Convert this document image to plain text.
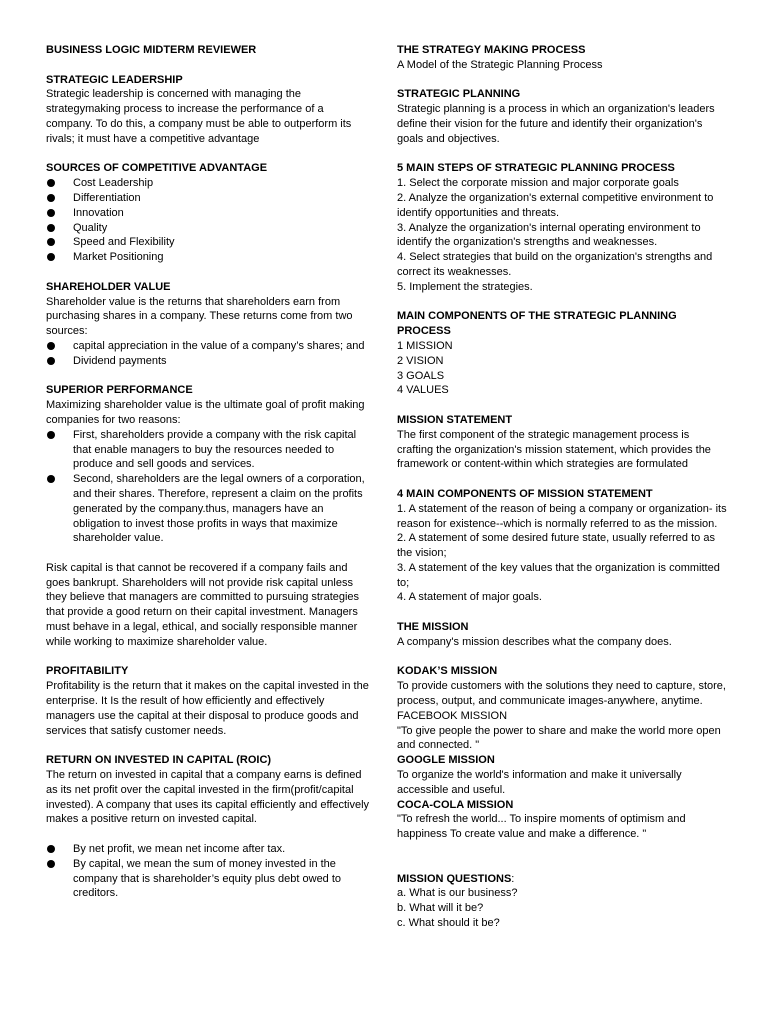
BUSINESS LOGIC MIDTERM REVIEWER
STRATEGIC LEADERSHIP

Strategic leadership is concerned with managing the strategymaking process to increase the performance of a company. To do this, a company must be able to outperform its rivals; it must have a competitive advantage

SOURCES OF COMPETITIVE ADVANTAGE
Cost Leadership
Differentiation
Innovation
Quality
Speed and Flexibility
Market Positioning
SHAREHOLDER VALUE

Shareholder value is the returns that shareholders earn from purchasing shares in a company. These returns come from two sources:

capital appreciation in the value of a company’s shares; and
Dividend payments
SUPERIOR PERFORMANCE

Maximizing shareholder value is the ultimate goal of profit making companies for two reasons:

First, shareholders provide a company with the risk capital that enable managers to buy the resources needed to produce and sell goods and services.
Second, shareholders are the legal owners of a corporation, and their shares. Therefore, represent a claim on the profits generated by the company.thus, managers have an obligation to invest those profits in ways that maximize shareholder value.

Risk capital is that cannot be recovered if a company fails and goes bankrupt. Shareholders will not provide risk capital unless they believe that managers are committed to pursuing strategies that provide a good return on their capital investment. Managers must behave in a legal, ethical, and socially responsible manner while working to maximize shareholder value.

PROFITABILITY

Profitability is the return that it makes on the capital invested in the enterprise. It Is the result of how efficiently and effectively managers use the capital at their disposal to produce goods and services that satisfy customer needs.

RETURN ON INVESTED IN CAPITAL (ROIC)

The return on invested in capital that a company earns is defined as its net profit over the capital invested in the firm(profit/capital invested). A company that uses its capital efficiently and effectively makes a positive return on invested capital.

By net profit, we mean net income after tax.
By capital, we mean the sum of money invested in the company that is shareholder’s equity plus debt owed to creditors.
THE STRATEGY MAKING PROCESS

A Model of the Strategic Planning Process

STRATEGIC PLANNING

Strategic planning is a process in which an organization's leaders define their vision for the future and identify their organization's goals and objectives.

5 MAIN STEPS OF STRATEGIC PLANNING PROCESS

1. Select the corporate mission and major corporate goals

2. Analyze the organization's external competitive environment to identify opportunities and threats.

3. Analyze the organization's internal operating environment to identify the organization's strengths and weaknesses.

4. Select strategies that build on the organization's strengths and correct its weaknesses.

5. Implement the strategies.

MAIN COMPONENTS OF THE STRATEGIC PLANNING PROCESS

1 MISSION

2 VISION

3 GOALS

4 VALUES

MISSION STATEMENT

The first component of the strategic management process is crafting the organization's mission statement, which provides the framework or content-within which strategies are formulated

4 MAIN COMPONENTS OF MISSION STATEMENT

1. A statement of the reason of being a company or organization- its reason for existence--which is normally referred to as the mission.

2. A statement of some desired future state, usually referred to as the vision;

3. A statement of the key values that the organization is committed to;

4. A statement of major goals.

THE MISSION

A company's mission describes what the company does.

KODAK’S MISSION

To provide customers with the solutions they need to capture, store, process, output, and communicate images-anywhere, anytime.

FACEBOOK MISSION

"To give people the power to share and make the world more open and connected. "

GOOGLE MISSION

To organize the world's information and make it universally accessible and useful.

COCA-COLA MISSION

"To refresh the world... To inspire moments of optimism and happiness To create value and make a difference. "

MISSION QUESTIONS:

a. What is our business?

b. What will it be?

c. What should it be?
